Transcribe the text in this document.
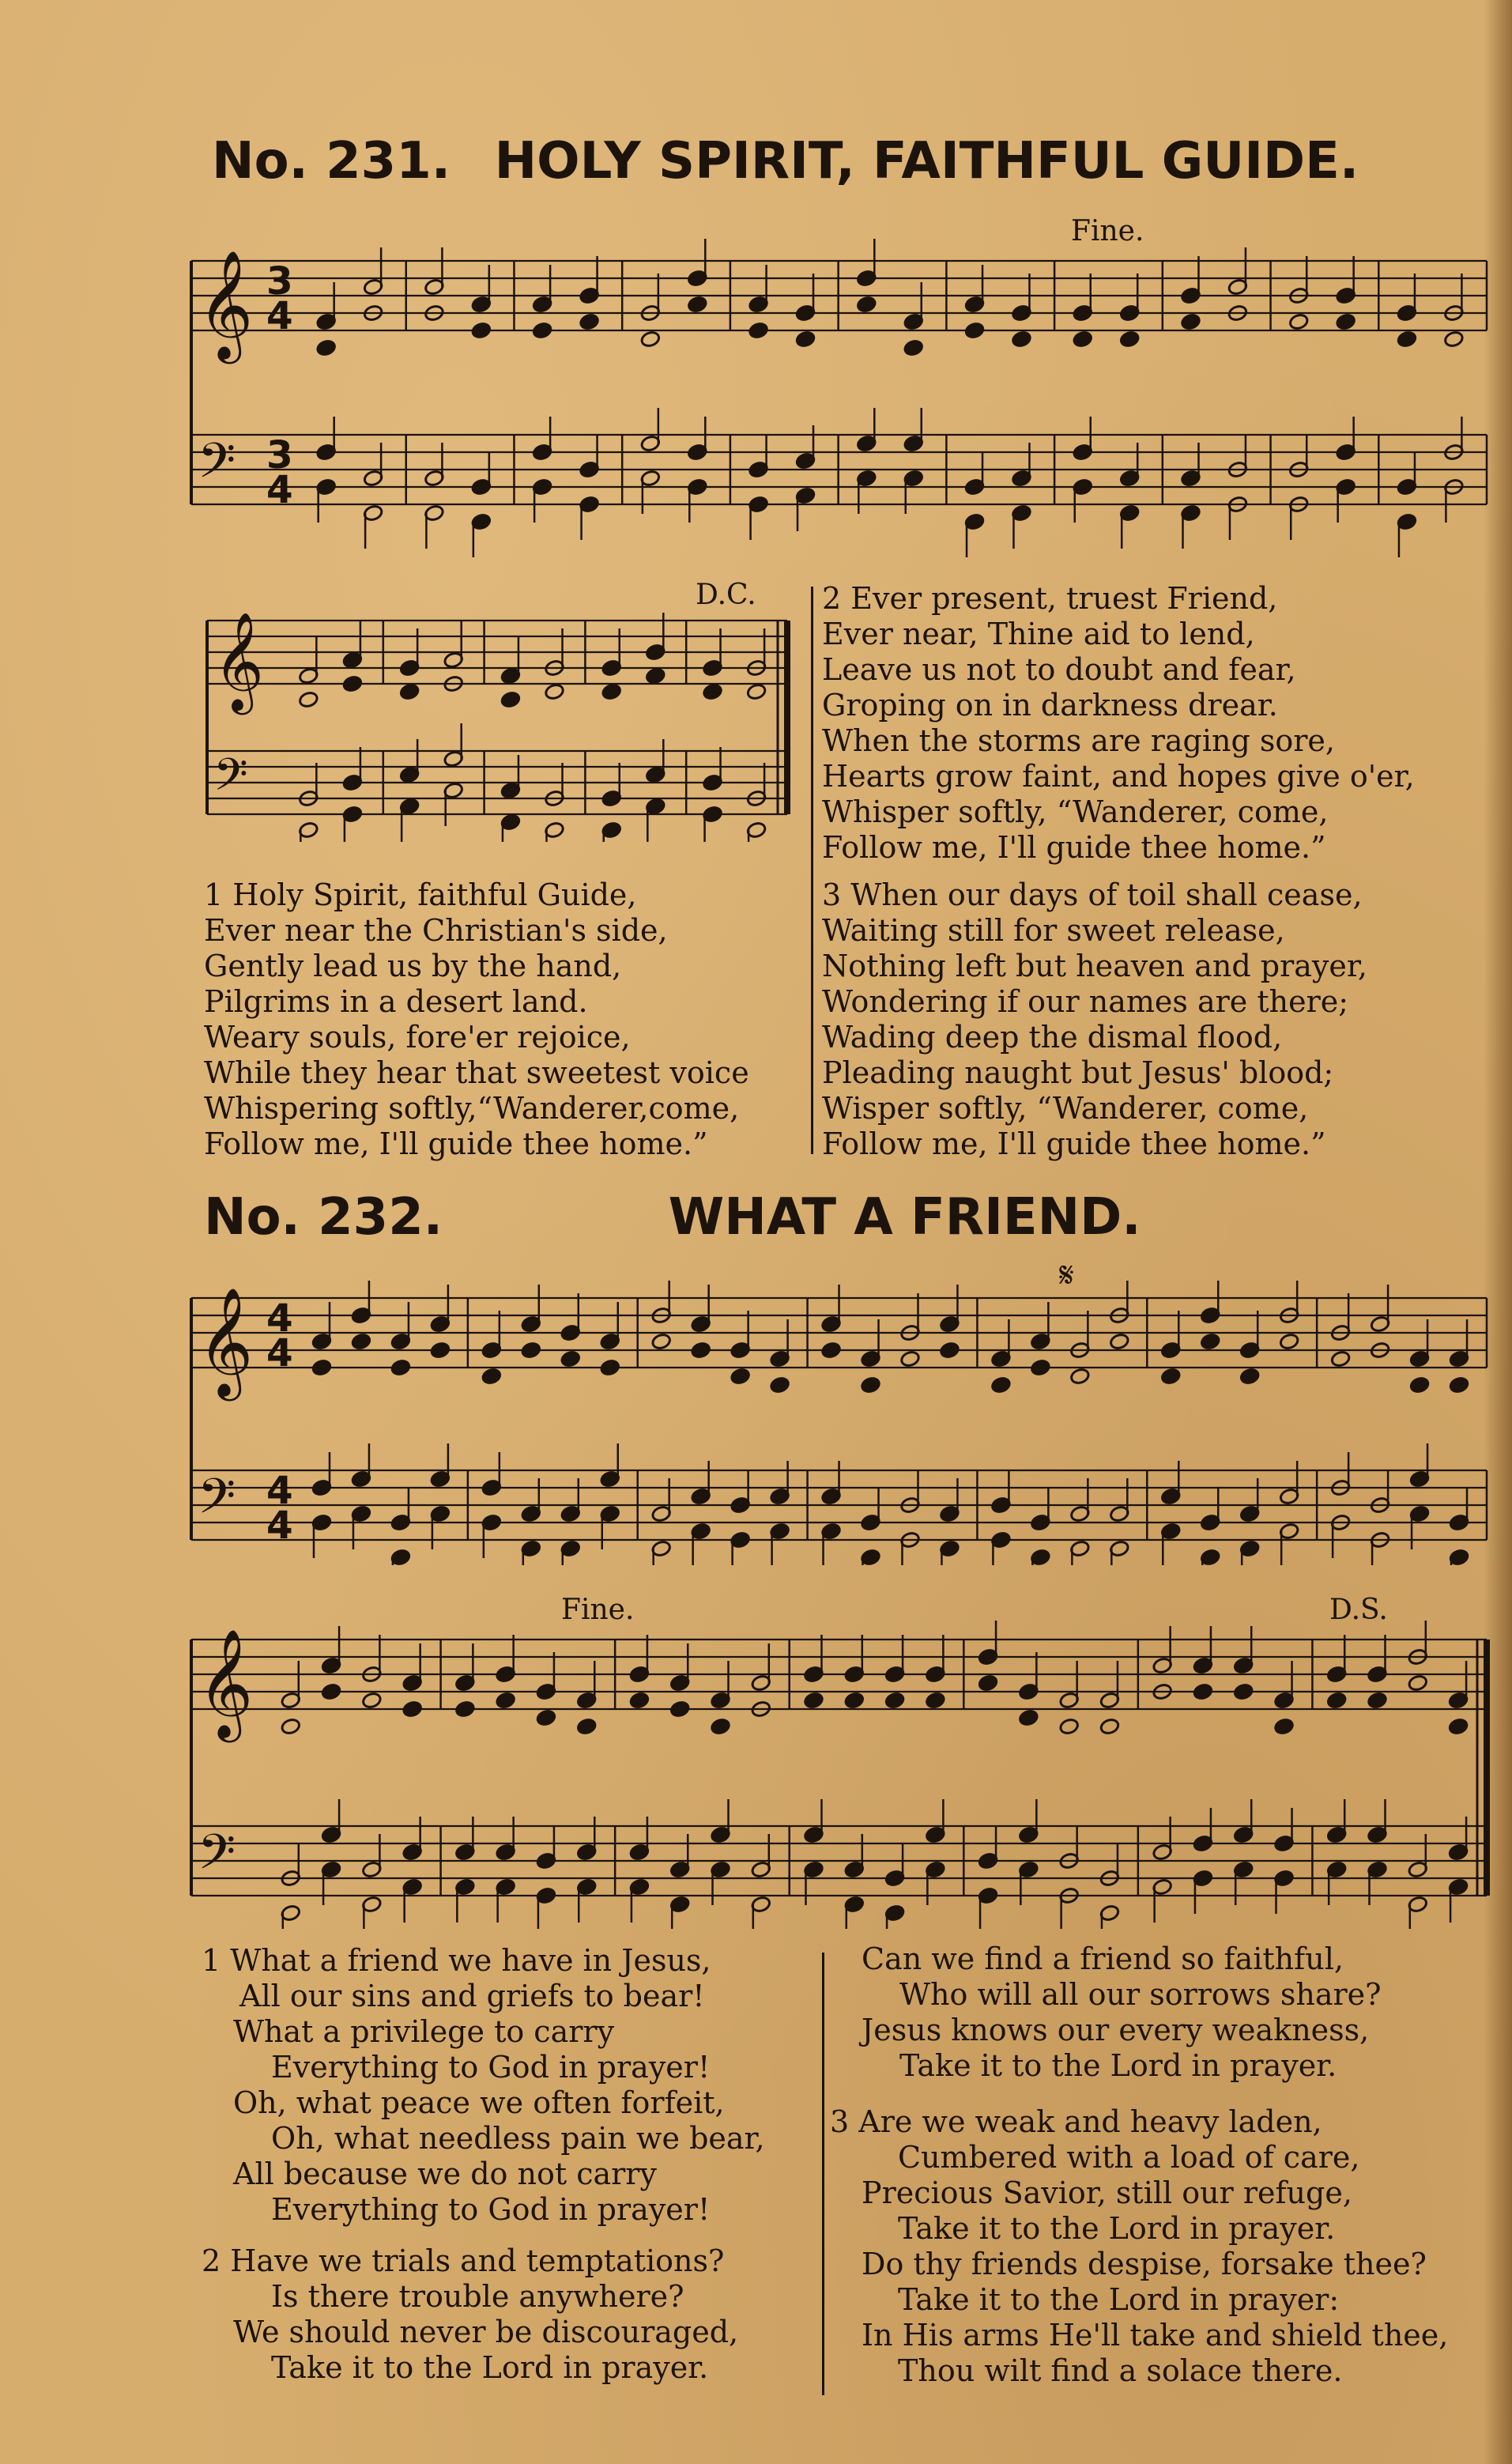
No. 231. HOLY SPIRIT, FAITHFUL GUIDE.
Fine.
𝄞
𝄢
3
4
3
4
D.C.
𝄞
𝄢
1 Holy Spirit, faithful Guide,
Ever near the Christian's side,
Gently lead us by the hand,
Pilgrims in a desert land.
Weary souls, fore'er rejoice,
While they hear that sweetest voice
Whispering softly,“Wanderer,come,
Follow me, I'll guide thee home.”
2 Ever present, truest Friend,
Ever near, Thine aid to lend,
Leave us not to doubt and fear,
Groping on in darkness drear.
When the storms are raging sore,
Hearts grow faint, and hopes give o'er,
Whisper softly, “Wanderer, come,
Follow me, I'll guide thee home.”
3 When our days of toil shall cease,
Waiting still for sweet release,
Nothing left but heaven and prayer,
Wondering if our names are there;
Wading deep the dismal flood,
Pleading naught but Jesus' blood;
Wisper softly, “Wanderer, come,
Follow me, I'll guide thee home.”
No. 232.	WHAT A FRIEND.
𝄋
𝄞
𝄢
4
4
4
4
Fine.	D.S.
𝄞
𝄢
1 What a friend we have in Jesus,
All our sins and griefs to bear!
What a privilege to carry
Everything to God in prayer!
Oh, what peace we often forfeit,
Oh, what needless pain we bear,
All because we do not carry
Everything to God in prayer!
2 Have we trials and temptations?
Is there trouble anywhere?
We should never be discouraged,
Take it to the Lord in prayer.
Can we find a friend so faithful,
Who will all our sorrows share?
Jesus knows our every weakness,
Take it to the Lord in prayer.
3 Are we weak and heavy laden,
Cumbered with a load of care,
Precious Savior, still our refuge,
Take it to the Lord in prayer.
Do thy friends despise, forsake thee?
Take it to the Lord in prayer:
In His arms He'll take and shield thee,
Thou wilt find a solace there.
